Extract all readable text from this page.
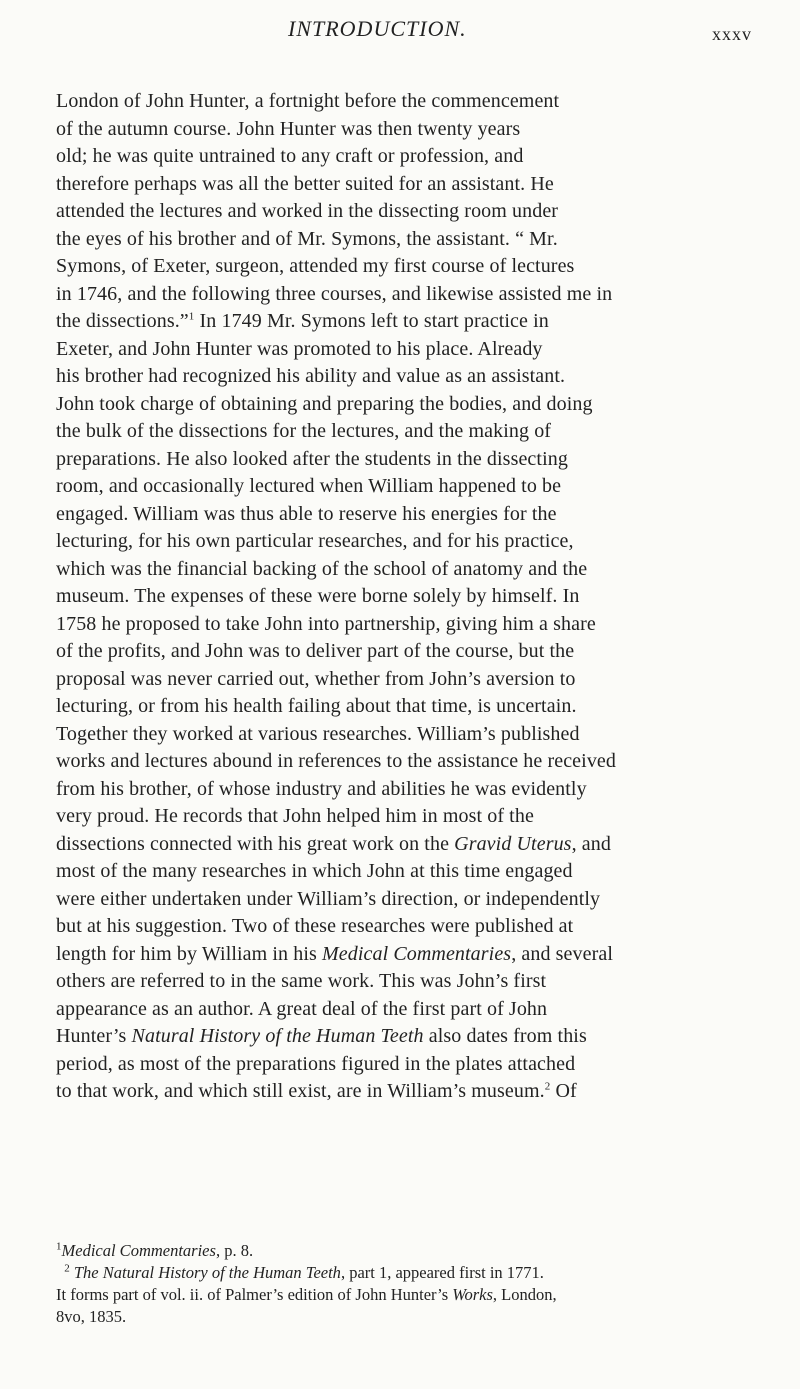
INTRODUCTION.	xxxv
London of John Hunter, a fortnight before the commencement
of the autumn course. John Hunter was then twenty years
old; he was quite untrained to any craft or profession, and
therefore perhaps was all the better suited for an assistant. He
attended the lectures and worked in the dissecting room under
the eyes of his brother and of Mr. Symons, the assistant. “ Mr.
Symons, of Exeter, surgeon, attended my first course of lectures
in 1746, and the following three courses, and likewise assisted me in
the dissections.”$^1$ In 1749 Mr. Symons left to start practice in
Exeter, and John Hunter was promoted to his place. Already
his brother had recognized his ability and value as an assistant.
John took charge of obtaining and preparing the bodies, and doing
the bulk of the dissections for the lectures, and the making of
preparations. He also looked after the students in the dissecting
room, and occasionally lectured when William happened to be
engaged. William was thus able to reserve his energies for the
lecturing, for his own particular researches, and for his practice,
which was the financial backing of the school of anatomy and the
museum. The expenses of these were borne solely by himself. In
1758 he proposed to take John into partnership, giving him a share
of the profits, and John was to deliver part of the course, but the
proposal was never carried out, whether from John’s aversion to
lecturing, or from his health failing about that time, is uncertain.
Together they worked at various researches. William’s published
works and lectures abound in references to the assistance he received
from his brother, of whose industry and abilities he was evidently
very proud. He records that John helped him in most of the
dissections connected with his great work on the Gravid Uterus, and
most of the many researches in which John at this time engaged
were either undertaken under William’s direction, or independently
but at his suggestion. Two of these researches were published at
length for him by William in his Medical Commentaries, and several
others are referred to in the same work. This was John’s first
appearance as an author. A great deal of the first part of John
Hunter’s Natural History of the Human Teeth also dates from this
period, as most of the preparations figured in the plates attached
to that work, and which still exist, are in William’s museum.$^2$ Of
$^1$Medical Commentaries, p. 8.
$^2$ The Natural History of the Human Teeth, part 1, appeared first in 1771.
It forms part of vol. ii. of Palmer’s edition of John Hunter’s Works, London,
8vo, 1835.
